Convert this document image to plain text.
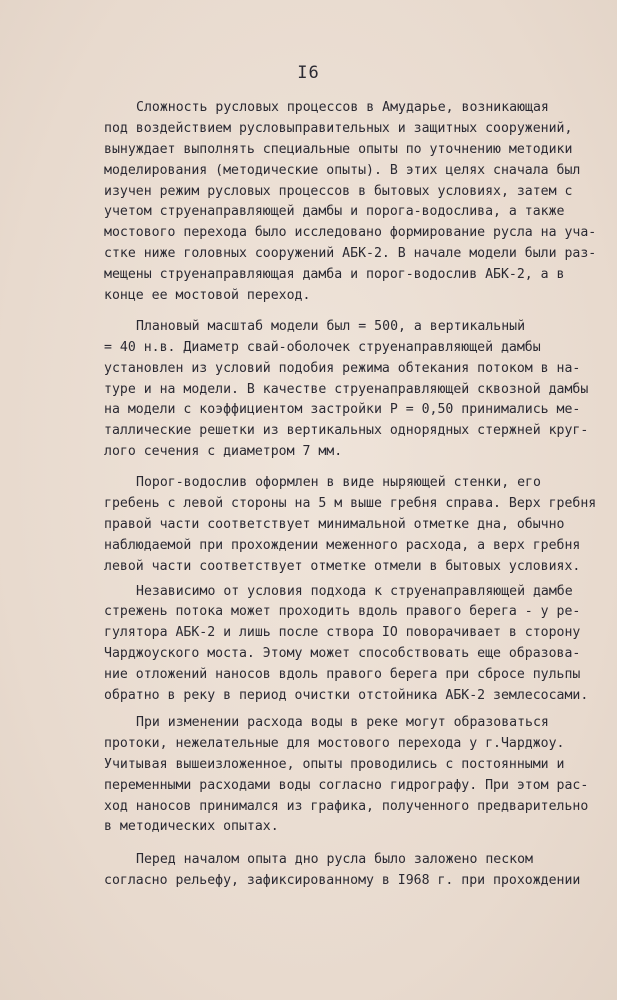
I6
Сложность русловых процессов в Амударье, возникающая
под воздействием русловыправительных и защитных сооружений,
вынуждает выполнять специальные опыты по уточнению методики
моделирования (методические опыты). В этих целях сначала был
изучен режим русловых процессов в бытовых условиях, затем с
учетом струенаправляющей дамбы и порога-водослива, а также
мостового перехода было исследовано формирование русла на уча-
стке ниже головных сооружений АБК-2. В начале модели были раз-
мещены струенаправляющая дамба и порог-водослив АБК-2, а в
конце ее мостовой переход.
Плановый масштаб модели был = 500, а вертикальный
= 40 н.в. Диаметр свай-оболочек струенаправляющей дамбы
установлен из условий подобия режима обтекания потоком в на-
туре и на модели. В качестве струенаправляющей сквозной дамбы
на модели с коэффициентом застройки P = 0,50 принимались ме-
таллические решетки из вертикальных однорядных стержней круг-
лого сечения с диаметром 7 мм.
Порог-водослив оформлен в виде ныряющей стенки, его
гребень с левой стороны на 5 м выше гребня справа. Верх гребня
правой части соответствует минимальной отметке дна, обычно
наблюдаемой при прохождении меженного расхода, а верх гребня
левой части соответствует отметке отмели в бытовых условиях.
Независимо от условия подхода к струенаправляющей дамбе
стрежень потока может проходить вдоль правого берега - у ре-
гулятора АБК-2 и лишь после створа IO поворачивает в сторону
Чарджоуского моста. Этому может способствовать еще образова-
ние отложений наносов вдоль правого берега при сбросе пульпы
обратно в реку в период очистки отстойника АБК-2 землесосами.
При изменении расхода воды в реке могут образоваться
протоки, нежелательные для мостового перехода у г.Чарджоу.
Учитывая вышеизложенное, опыты проводились с постоянными и
переменными расходами воды согласно гидрографу. При этом рас-
ход наносов принимался из графика, полученного предварительно
в методических опытах.
Перед началом опыта дно русла было заложено песком
согласно рельефу, зафиксированному в I968 г. при прохождении
